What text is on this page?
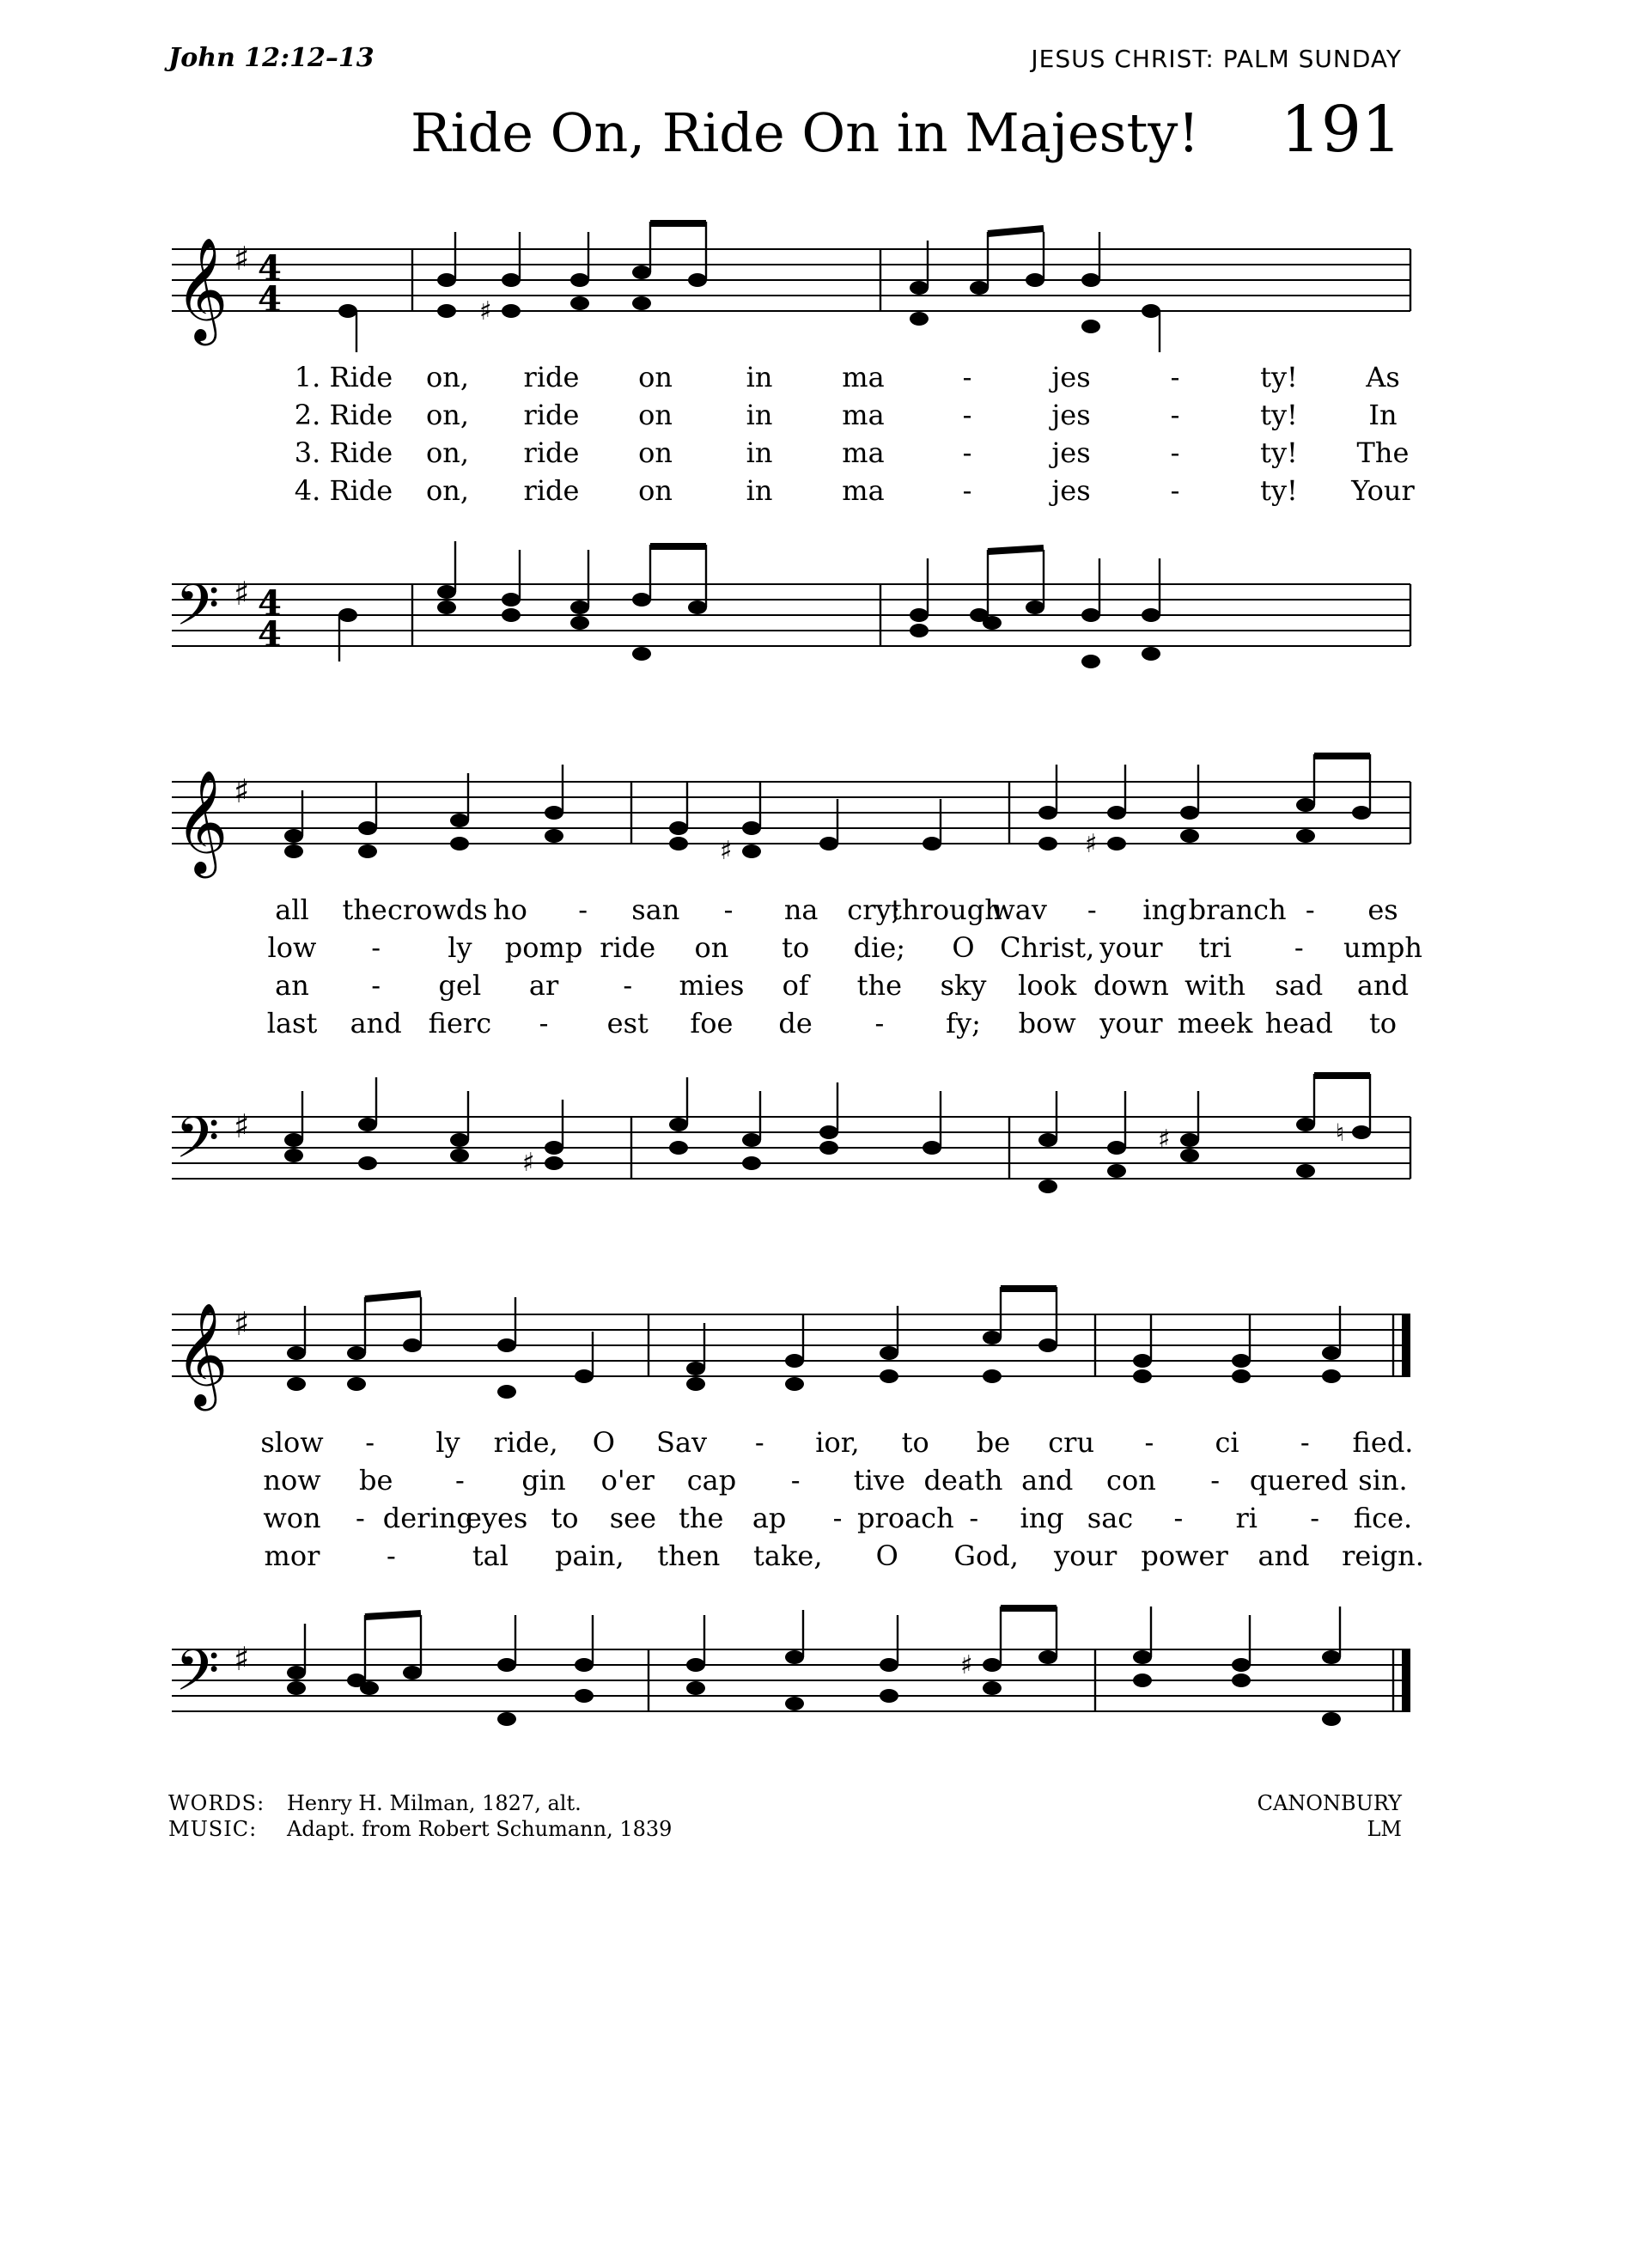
John 12:12–13	JESUS CHRIST: PALM SUNDAY
Ride On, Ride On in Majesty! 191
𝄞 ♯ 4
4	♯
1. Ride on, ride on	in	ma	-	jes	-	ty! As
2. Ride on, ride on	in	ma	-	jes	-	ty!	In
3. Ride on, ride on	in	ma	-	jes	-	ty! The
4. Ride on, ride on	in	ma	-	jes	-	ty! Your
𝄢 ♯ 4
4
𝄞 ♯
♯	♯
all the crowds ho - san - na cry;
through
wav - ing branch - es
low - ly pomp ride on to die; O Christ, your tri - umph
an - gel ar - mies of the sky look down with sad and
last and fierc - est foe de - fy; bow your meek head to
𝄢 ♯
♯
♯	♮
𝄞 ♯
slow - ly ride, O Sav - ior, to be cru - ci - fied.
now be - gin o'er cap - tive death and con - quered sin.
won - dering
eyes to see the ap - proach - ing sac - ri - fice.
mor -	tal pain, then take, O God, your power and reign.
𝄢 ♯	♯
WORDS:	Henry H. Milman, 1827, alt.
MUSIC:	Adapt. from Robert Schumann, 1839
CANONBURY
LM
